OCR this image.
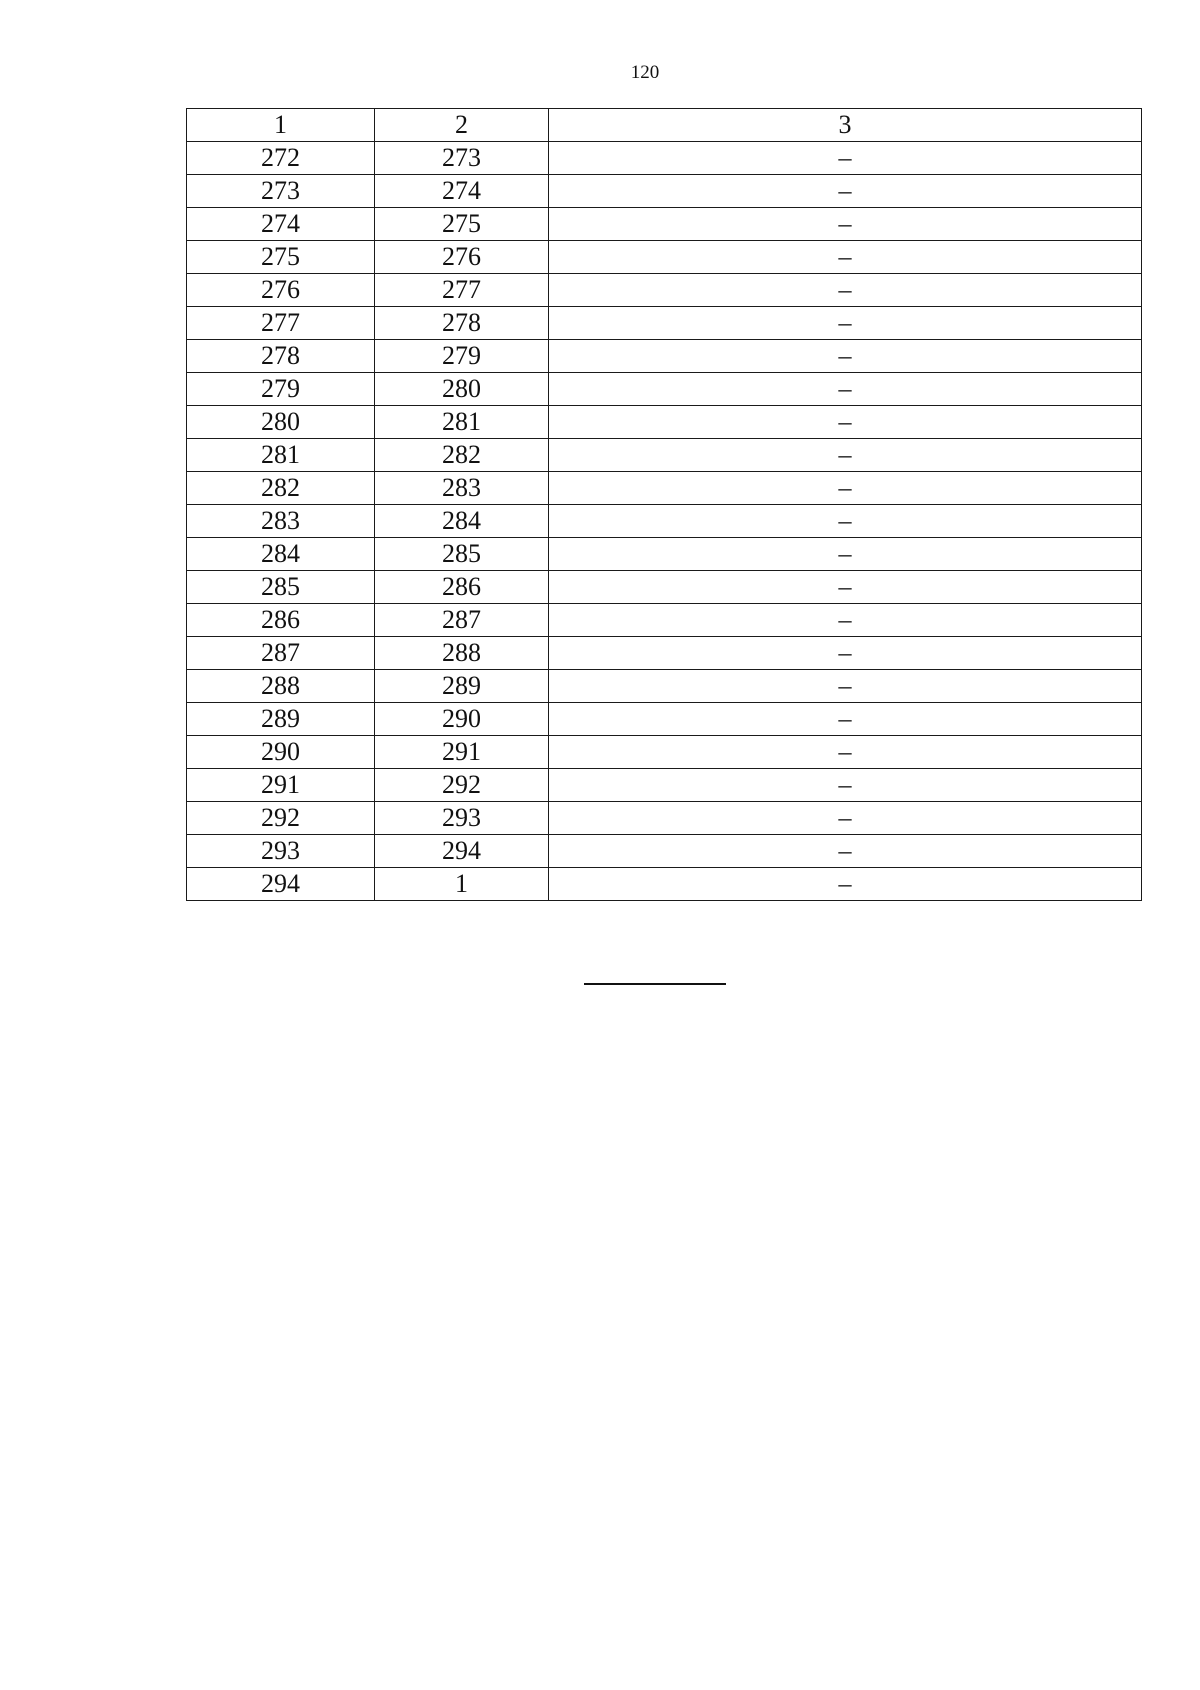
120
1	2	3
272	273	–
273	274	–
274	275	–
275	276	–
276	277	–
277	278	–
278	279	–
279	280	–
280	281	–
281	282	–
282	283	–
283	284	–
284	285	–
285	286	–
286	287	–
287	288	–
288	289	–
289	290	–
290	291	–
291	292	–
292	293	–
293	294	–
294	1	–
